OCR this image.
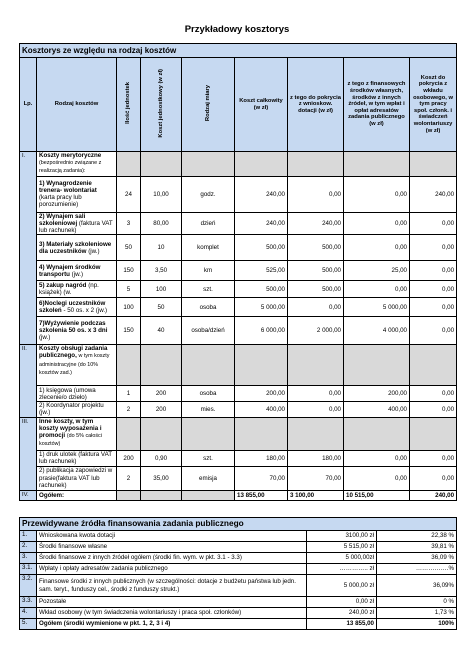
Przykładowy kosztorys
Kosztorys ze względu na rodzaj kosztów								
Lp.	Rodzaj kosztów	Ilość jednostek	Koszt jednostkowy (w zł)	Rodzaj miary	Koszt całkowity (w zł)	z tego do pokrycia z wnioskow. dotacji (w zł)	z tego z finansowych środków własnych, środków z innych źródeł, w tym wpłat i opłat adresatów zadania publicznego (w zł)	Koszt do pokrycia z wkładu osobowego, w tym pracy społ. członk. i świadczeń wolontariuszy (w zł)
I.	Koszty merytoryczne (bezpośrednio związane z realizacją zadania):							
	1) Wynagrodzenie trenera- wolontariat (karta pracy lub porozumienie)	24	10,00	godz.	240,00	0,00	0,00	240,00
	2) Wynajem sali szkoleniowej (faktura VAT lub rachunek)	3	80,00	dzień	240,00	240,00	0,00	0,00
	3) Materiały szkoleniowe dla uczestników (jw.)	50	10	komplet	500,00	500,00	0,00	0,00
	4) Wynajem środków transportu (jw.)	150	3,50	km	525,00	500,00	25,00	0,00
	5) zakup nagród (np. książek) (w.	5	100	szt.	500,00	500,00	0,00	0,00
	6)Noclegi uczestników szkoleń - 50 os. x 2 (jw.)	100	50	osoba	5 000,00	0,00	5 000,00	0,00
	7)Wyżywienie podczas szkolenia 50 os. x 3 dni (jw.)	150	40	osoba/dzień	6 000,00	2 000,00	4 000,00	0,00
II.	Koszty obsługi zadania publicznego, w tym koszty administracyjne (do 10% kosztów zad.)							
	1) księgowa (umowa zlecenie/o dzieło)	1	200	osoba	200,00	0,00	200,00	0,00
	2) Koordynator projektu (jw.)	2	200	mies.	400,00	0,00	400,00	0,00
III.	Inne koszty, w tym koszty wyposażenia i promocji (do 5% całości kosztów)							
	1) druk ulotek (faktura VAT lub rachunek)	200	0,90	szt.	180,00	180,00	0,00	0,00
	2) publikacja zapowiedzi w prasie(faktura VAT lub rachunek)	2	35,00	emisja	70,00	70,00	0,00	0,00
IV.	Ogółem:				13 855,00	3 100,00	10 515,00	240,00
Przewidywane źródła finansowania zadania publicznego			
1.	Wnioskowana kwota dotacji	3100,00 zł	22,38 %
2.	Środki finansowe własne	5 515,00 zł	39,81 %
3.	Środki finansowe z innych źródeł ogółem (środki fin. wym. w pkt. 3.1 - 3.3)	5 000,00zł	36,09 %
3.1.	Wpłaty i opłaty adresatów zadania publicznego	………….. zł	…………….%
3.2.	Finansowe środki z innych publicznych (w szczególności: dotacje z budżetu państwa lub jedn. sam. teryt., funduszy cel., środki z funduszy strukt.)	5 000,00 zł	36,09%
3.3.	Pozostałe	0,00 zł	0 %
4.	Wkład osobowy (w tym świadczenia wolontariuszy i praca społ. członków)	240,00 zł	1,73 %
5.	Ogółem (środki wymienione w pkt. 1, 2, 3 i 4)	13 855,00	100%
